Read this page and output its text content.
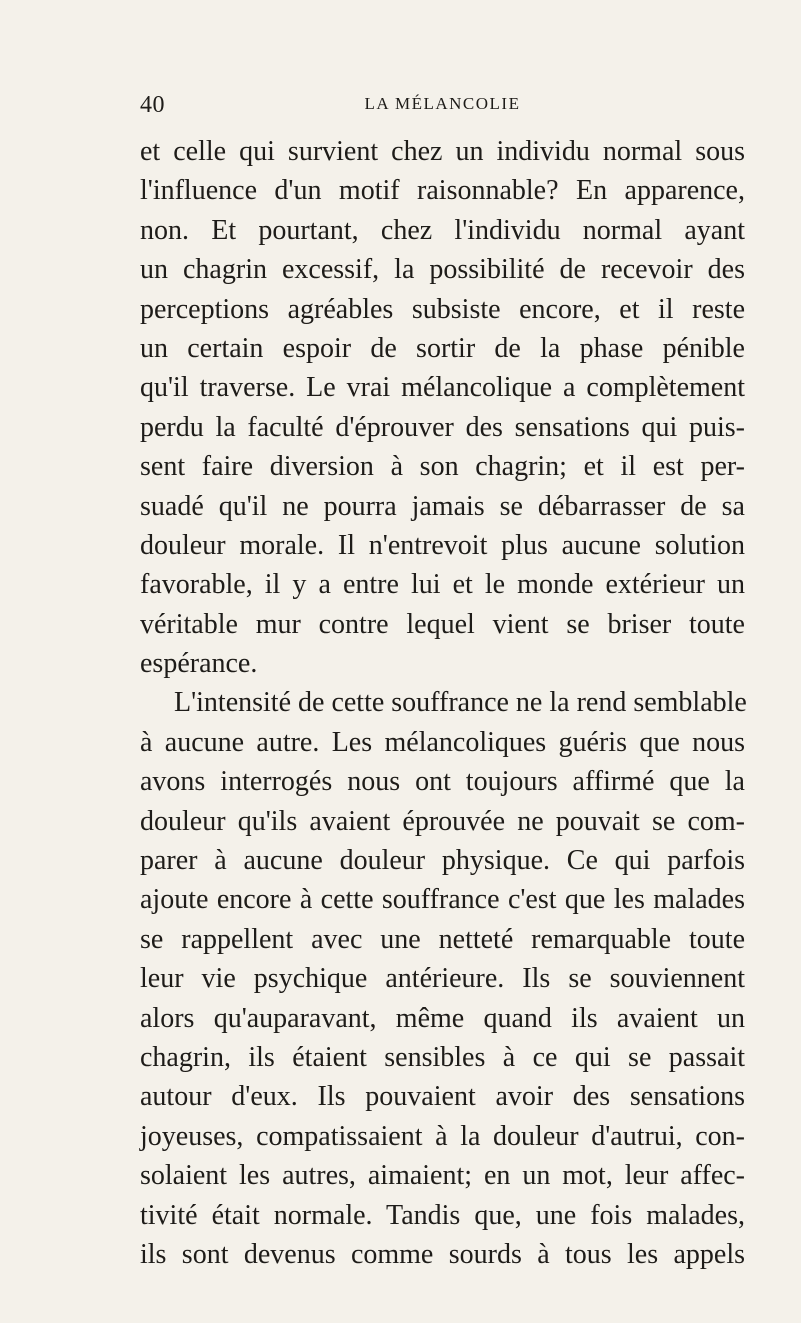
40	LA MÉLANCOLIE
et celle qui survient chez un individu normal sous
l'influence d'un motif raisonnable? En apparence,
non. Et pourtant, chez l'individu normal ayant
un chagrin excessif, la possibilité de recevoir des
perceptions agréables subsiste encore, et il reste
un certain espoir de sortir de la phase pénible
qu'il traverse. Le vrai mélancolique a complètement
perdu la faculté d'éprouver des sensations qui puis-
sent faire diversion à son chagrin; et il est per-
suadé qu'il ne pourra jamais se débarrasser de sa
douleur morale. Il n'entrevoit plus aucune solution
favorable, il y a entre lui et le monde extérieur un
véritable mur contre lequel vient se briser toute
espérance.
L'intensité de cette souffrance ne la rend semblable
à aucune autre. Les mélancoliques guéris que nous
avons interrogés nous ont toujours affirmé que la
douleur qu'ils avaient éprouvée ne pouvait se com-
parer à aucune douleur physique. Ce qui parfois
ajoute encore à cette souffrance c'est que les malades
se rappellent avec une netteté remarquable toute
leur vie psychique antérieure. Ils se souviennent
alors qu'auparavant, même quand ils avaient un
chagrin, ils étaient sensibles à ce qui se passait
autour d'eux. Ils pouvaient avoir des sensations
joyeuses, compatissaient à la douleur d'autrui, con-
solaient les autres, aimaient; en un mot, leur affec-
tivité était normale. Tandis que, une fois malades,
ils sont devenus comme sourds à tous les appels
